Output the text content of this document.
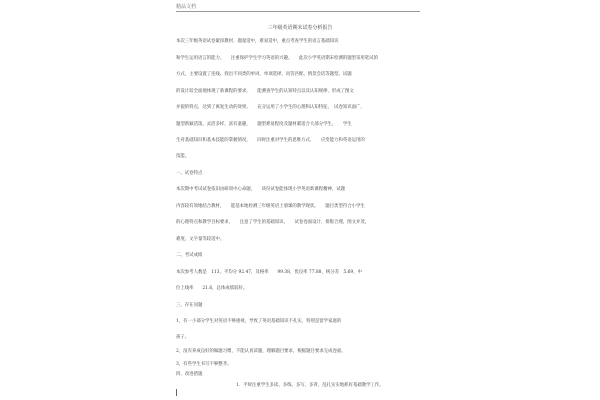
精品文档
三年级英语期末试卷分析报告
本次三年级英语试卷紧扣教材，题量适中，难易适中，重点考查学生的语言基础知识
和学生运用语言的能力。　　注重保护学生学习英语的兴趣。　　此次小学英语期末检测的题型采用笔试的
方式，主要设置了连线、找出不同类的单词、单项选择、问答匹配、情景会话等题型。试题
的设计较全面地体现了新课程的要求，　　能测查学生的认知特点以及认知规律，形成了图文
并貌的特点，达到了寓复生动的效果。　　充分运用了小学生的心理和认知特征，　试卷知识面广，
题型新颖活泼，灵活多样，富有童趣，　　题型难易程度及题材紧适合大部分学生，　　学生
生对基础知识和基本技能的掌握情况，　　同时注重对学生的思维方式、　　应变能力和英语运用的
技能。
一、试卷特点
本次期中考试试卷依旧由研训中心命题，　　该份试卷能体现小学英语新课程精神，试题
内容较有效地结合教材，　　能基本地检测三年级英语上册课的教学现状。　　题目类型符合小学生
的心理特点和教学目标要求，　　注意了学生的基础知识、　　试卷卷面设计、排版合理，图文并茂，
难度、文字量等较适中。
二、考试成绩
本次参考人数是　113，平均分 92.47，及格率　　99.38，优良率 77.88，统分差　5.69，中
位上线率　　21.6，总体成绩较好。
三、存在问题
1，有一小部分学生对英语不够重视，导致了英语基础知识不扎实，特别是留学家庭的
孩子。
2，没有养成良好的做题习惯，不能认真读题，理解题目要求，根据题目要求完成卷面。
3，有些学生书写不够整齐。
四、改进措施
1．平时注重学生多读、多练、多写、多背，乱扎实实地抓好基础教学工作。
